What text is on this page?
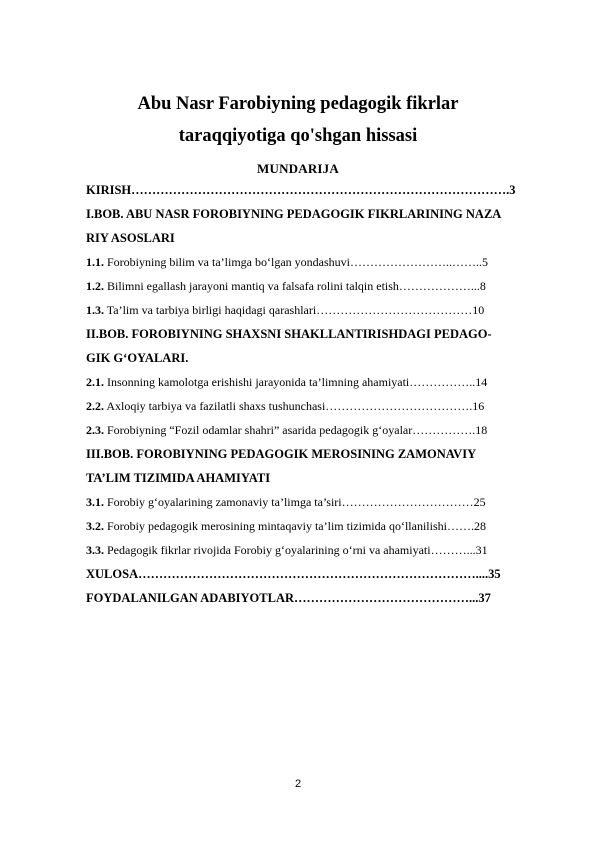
Abu Nasr Farobiyning pedagogik fikrlar
taraqqiyotiga qo'shgan hissasi
MUNDARIJA
KIRISH……………………………………………………………………………….3
I.BOB. ABU NASR FOROBIYNING PEDAGOGIK FIKRLARINING NAZA
RIY ASOSLARI
1.1. Forobiyning bilim va ta’limga bo‘lgan yondashuvi……………………..……..5
1.2. Bilimni egallash jarayoni mantiq va falsafa rolini talqin etish………………...8
1.3. Ta’lim va tarbiya birligi haqidagi qarashlari…………………………………10
II.BOB. FOROBIYNING SHAXSNI SHAKLLANTIRISHDAGI PEDAGO-
GIK G‘OYALARI.
2.1. Insonning kamolotga erishishi jarayonida ta’limning ahamiyati……………..14
2.2. Axloqiy tarbiya va fazilatli shaxs tushunchasi……………………………….16
2.3. Forobiyning “Fozil odamlar shahri” asarida pedagogik g‘oyalar…………….18
III.BOB. FOROBIYNING PEDAGOGIK MEROSINING ZAMONAVIY
TA’LIM TIZIMIDA AHAMIYATI
3.1. Forobiy g‘oyalarining zamonaviy ta’limga ta’siri……………………………25
3.2. Forobiy pedagogik merosining mintaqaviy ta’lim tizimida qo‘llanilishi…….28
3.3. Pedagogik fikrlar rivojida Forobiy g‘oyalarining o‘rni va ahamiyati………...31
XULOSA………………………………………………………………………....35
FOYDALANILGAN ADABIYOTLAR……………………………………...37
2
